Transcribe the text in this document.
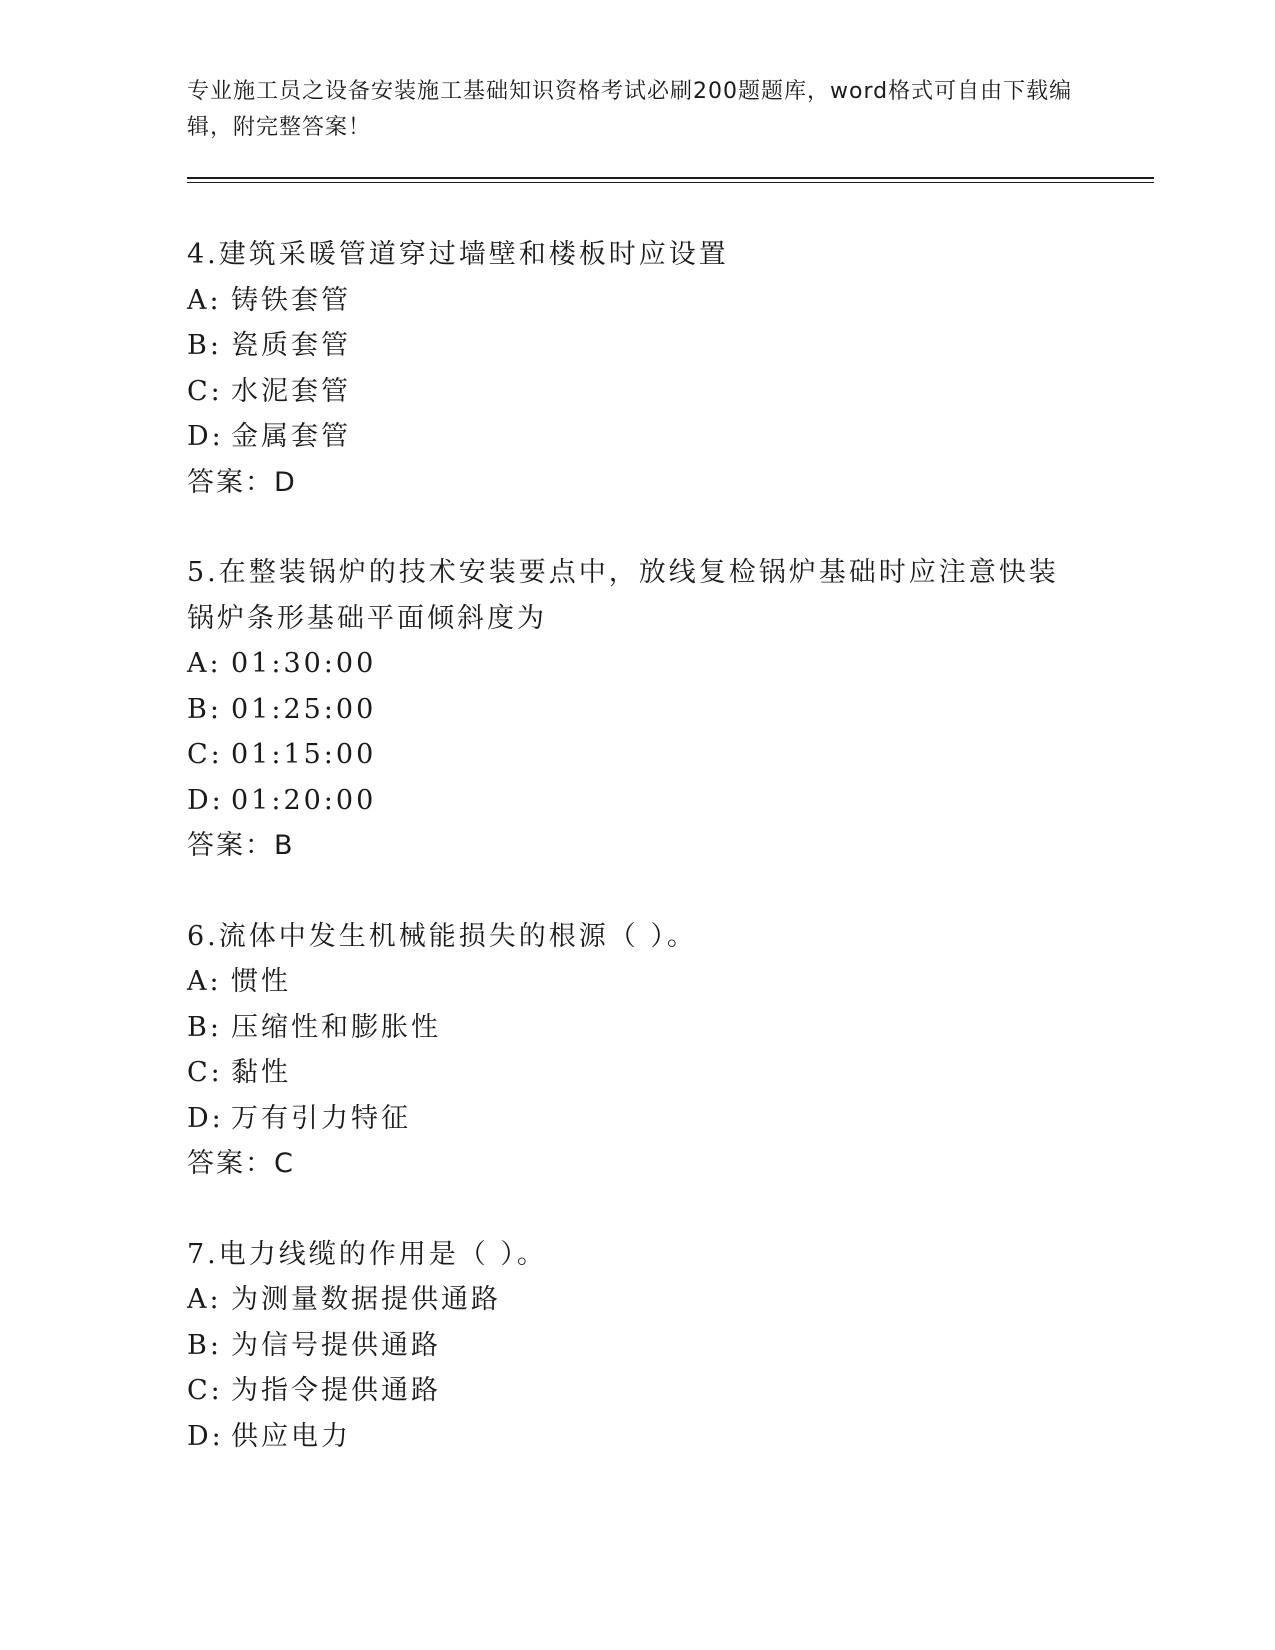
专业施工员之设备安装施工基础知识资格考试必刷200题题库，word格式可自由下载编辑，附完整答案！

4.建筑采暖管道穿过墙壁和楼板时应设置

A: 铸铁套管

B: 瓷质套管

C: 水泥套管

D: 金属套管

答案：D

5.在整装锅炉的技术安装要点中，放线复检锅炉基础时应注意快装锅炉条形基础平面倾斜度为

A: 01:30:00

B: 01:25:00

C: 01:15:00

D: 01:20:00

答案：B

6.流体中发生机械能损失的根源（ ）。

A: 惯性

B: 压缩性和膨胀性

C: 黏性

D: 万有引力特征

答案：C

7.电力线缆的作用是（ ）。

A: 为测量数据提供通路

B: 为信号提供通路

C: 为指令提供通路

D: 供应电力
